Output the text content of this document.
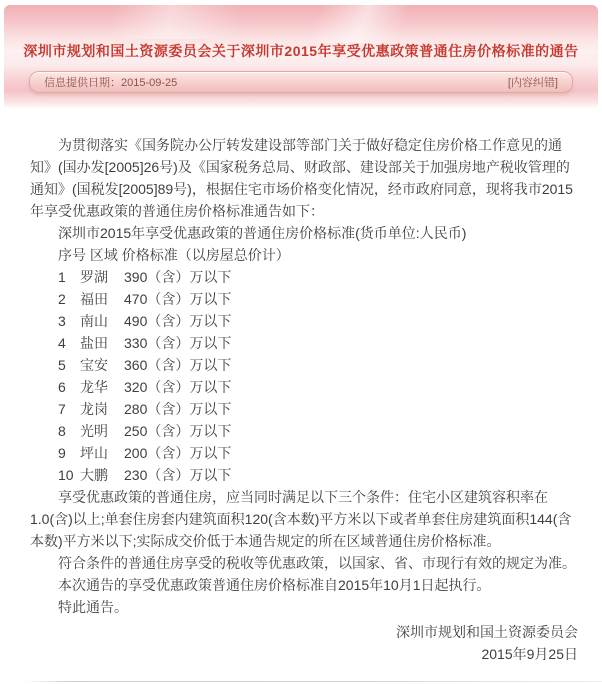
深圳市规划和国土资源委员会关于深圳市2015年享受优惠政策普通住房价格标准的通告
信息提供日期：2015-09-25	[内容纠错]

为贯彻落实《国务院办公厅转发建设部等部门关于做好稳定住房价格工作意见的通知》(国办发[2005]26号)及《国家税务总局、财政部、建设部关于加强房地产税收管理的通知》(国税发[2005]89号)，根据住宅市场价格变化情况，经市政府同意，现将我市2015年享受优惠政策的普通住房价格标准通告如下：

深圳市2015年享受优惠政策的普通住房价格标准(货币单位:人民币)

序号 区域 价格标准（以房屋总价计）

1	罗湖	390（含）万以下
2	福田	470（含）万以下
3	南山	490（含）万以下
4	盐田	330（含）万以下
5	宝安	360（含）万以下
6	龙华	320（含）万以下
7	龙岗	280（含）万以下
8	光明	250（含）万以下
9	坪山	200（含）万以下
10 大鹏	230（含）万以下

享受优惠政策的普通住房，应当同时满足以下三个条件：住宅小区建筑容积率在1.0(含)以上;单套住房套内建筑面积120(含本数)平方米以下或者单套住房建筑面积144(含本数)平方米以下;实际成交价低于本通告规定的所在区域普通住房价格标准。

符合条件的普通住房享受的税收等优惠政策，以国家、省、市现行有效的规定为准。

本次通告的享受优惠政策普通住房价格标准自2015年10月1日起执行。

特此通告。

深圳市规划和国土资源委员会

2015年9月25日
